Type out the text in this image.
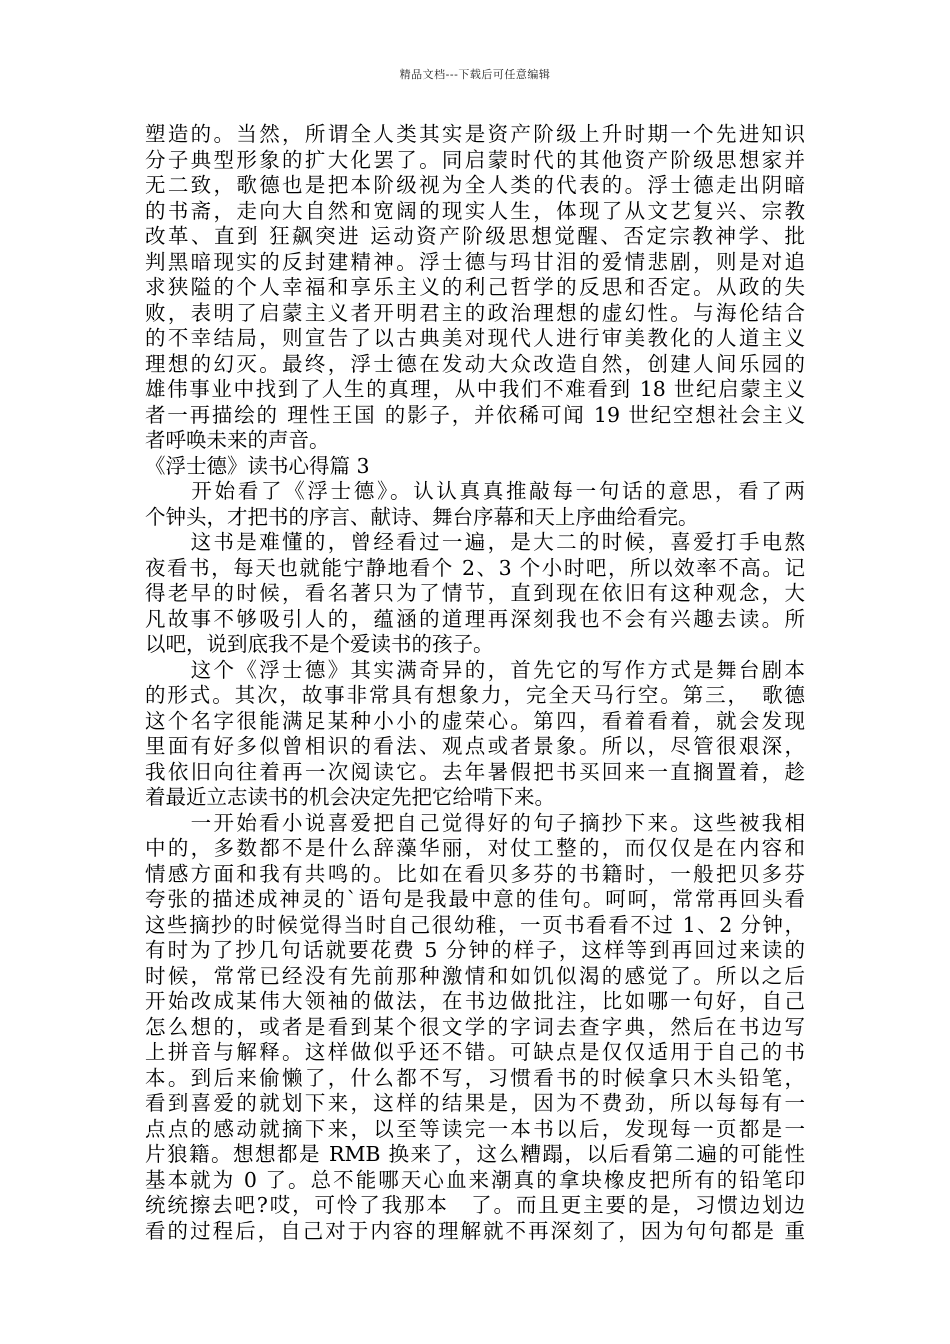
精品文档---下载后可任意编辑
塑造的。当然，所谓全人类其实是资产阶级上升时期一个先进知识
分子典型形象的扩大化罢了。同启蒙时代的其他资产阶级思想家并
无二致，歌德也是把本阶级视为全人类的代表的。浮士德走出阴暗
的书斋，走向大自然和宽阔的现实人生，体现了从文艺复兴、宗教
改革、直到 狂飙突进 运动资产阶级思想觉醒、否定宗教神学、批
判黑暗现实的反封建精神。浮士德与玛甘泪的爱情悲剧，则是对追
求狭隘的个人幸福和享乐主义的利己哲学的反思和否定。从政的失
败，表明了启蒙主义者开明君主的政治理想的虚幻性。与海伦结合
的不幸结局，则宣告了以古典美对现代人进行审美教化的人道主义
理想的幻灭。最终，浮士德在发动大众改造自然，创建人间乐园的
雄伟事业中找到了人生的真理，从中我们不难看到 18 世纪启蒙主义
者一再描绘的 理性王国 的影子，并依稀可闻 19 世纪空想社会主义
者呼唤未来的声音。
《浮士德》读书心得篇 3
　　开始看了《浮士德》。认认真真推敲每一句话的意思，看了两
个钟头，才把书的序言、献诗、舞台序幕和天上序曲给看完。
　　这书是难懂的，曾经看过一遍，是大二的时候，喜爱打手电熬
夜看书，每天也就能宁静地看个 2、3 个小时吧，所以效率不高。记
得老早的时候，看名著只为了情节，直到现在依旧有这种观念，大
凡故事不够吸引人的，蕴涵的道理再深刻我也不会有兴趣去读。所
以吧，说到底我不是个爱读书的孩子。
　　这个《浮士德》其实满奇异的，首先它的写作方式是舞台剧本
的形式。其次，故事非常具有想象力，完全天马行空。第三，　歌德
这个名字很能满足某种小小的虚荣心。第四，看着看着，就会发现
里面有好多似曾相识的看法、观点或者景象。所以，尽管很艰深，
我依旧向往着再一次阅读它。去年暑假把书买回来一直搁置着，趁
着最近立志读书的机会决定先把它给啃下来。
　　一开始看小说喜爱把自己觉得好的句子摘抄下来。这些被我相
中的，多数都不是什么辞藻华丽，对仗工整的，而仅仅是在内容和
情感方面和我有共鸣的。比如在看贝多芬的书籍时，一般把贝多芬
夸张的描述成神灵的`语句是我最中意的佳句。呵呵，常常再回头看
这些摘抄的时候觉得当时自己很幼稚，一页书看看不过 1、2 分钟，
有时为了抄几句话就要花费 5 分钟的样子，这样等到再回过来读的
时候，常常已经没有先前那种激情和如饥似渴的感觉了。所以之后
开始改成某伟大领袖的做法，在书边做批注，比如哪一句好，自己
怎么想的，或者是看到某个很文学的字词去查字典，然后在书边写
上拼音与解释。这样做似乎还不错。可缺点是仅仅适用于自己的书
本。到后来偷懒了，什么都不写，习惯看书的时候拿只木头铅笔，
看到喜爱的就划下来，这样的结果是，因为不费劲，所以每每有一
点点的感动就摘下来，以至等读完一本书以后，发现每一页都是一
片狼籍。想想都是 RMB 换来了，这么糟蹋，以后看第二遍的可能性
基本就为 0 了。总不能哪天心血来潮真的拿块橡皮把所有的铅笔印
统统擦去吧?哎，可怜了我那本　了。而且更主要的是，习惯边划边
看的过程后，自己对于内容的理解就不再深刻了，因为句句都是 重
